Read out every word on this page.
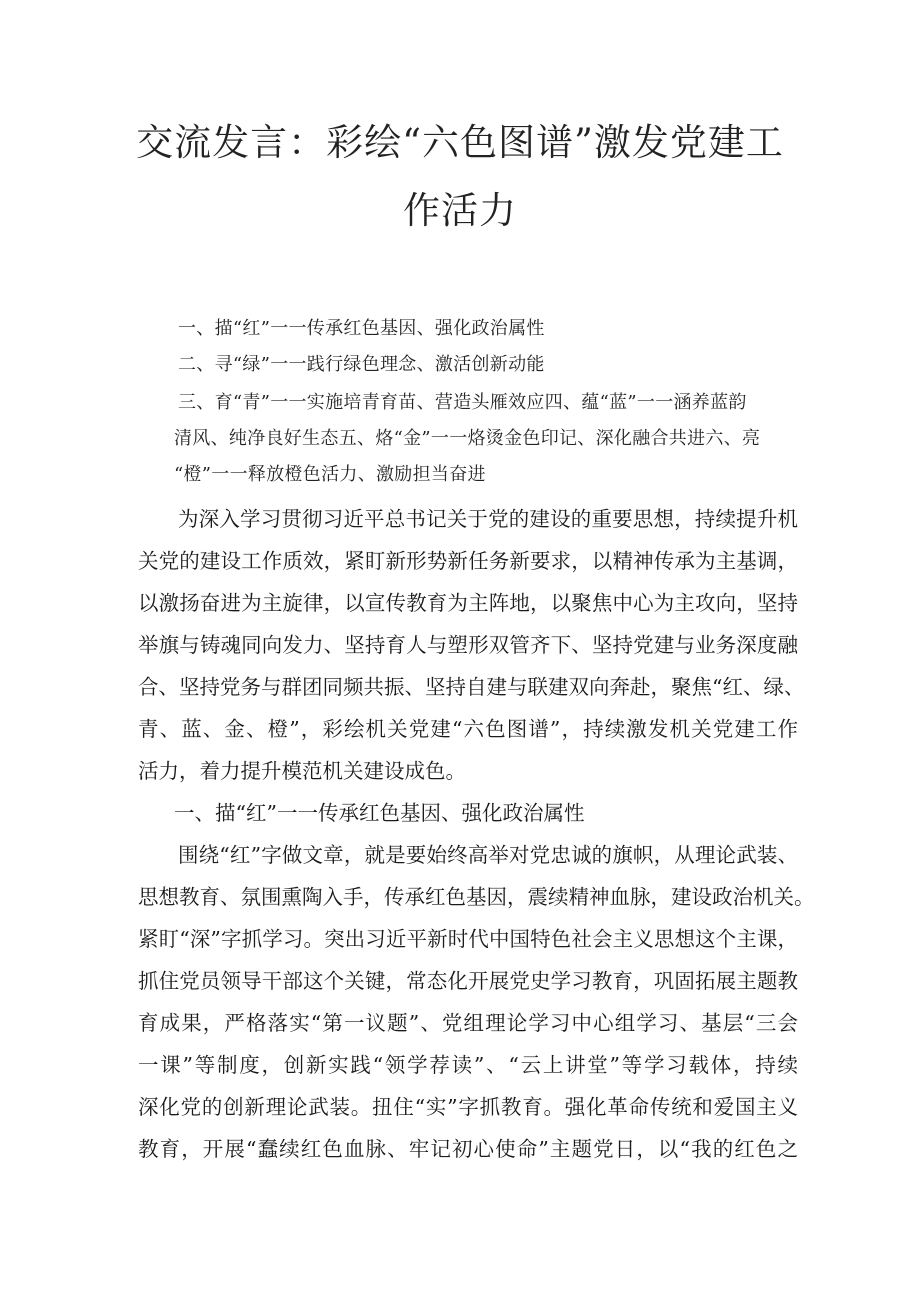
交流发言：彩绘“六色图谱”激发党建工
作活力
一、描“红”一一传承红色基因、强化政治属性
二、寻“绿”一一践行绿色理念、激活创新动能
三、育“青”一一实施培青育苗、营造头雁效应四、蕴“蓝”一一涵养蓝韵
清风、纯净良好生态五、烙“金”一一烙烫金色印记、深化融合共进六、亮
“橙”一一释放橙色活力、激励担当奋进
为深入学习贯彻习近平总书记关于党的建设的重要思想，持续提升机
关党的建设工作质效，紧盯新形势新任务新要求，以精神传承为主基调，
以激扬奋进为主旋律，以宣传教育为主阵地，以聚焦中心为主攻向，坚持
举旗与铸魂同向发力、坚持育人与塑形双管齐下、坚持党建与业务深度融
合、坚持党务与群团同频共振、坚持自建与联建双向奔赴，聚焦“红、绿、
青、蓝、金、橙”，彩绘机关党建“六色图谱”，持续激发机关党建工作
活力，着力提升模范机关建设成色。
一、描“红”一一传承红色基因、强化政治属性
围绕“红”字做文章，就是要始终高举对党忠诚的旗帜，从理论武装、
思想教育、氛围熏陶入手，传承红色基因，震续精神血脉，建设政治机关。
紧盯“深”字抓学习。突出习近平新时代中国特色社会主义思想这个主课，
抓住党员领导干部这个关键，常态化开展党史学习教育，巩固拓展主题教
育成果，严格落实“第一议题”、党组理论学习中心组学习、基层“三会
一课”等制度，创新实践“领学荐读”、“云上讲堂”等学习载体，持续
深化党的创新理论武装。扭住“实”字抓教育。强化革命传统和爱国主义
教育，开展“蠢续红色血脉、牢记初心使命”主题党日，以“我的红色之
